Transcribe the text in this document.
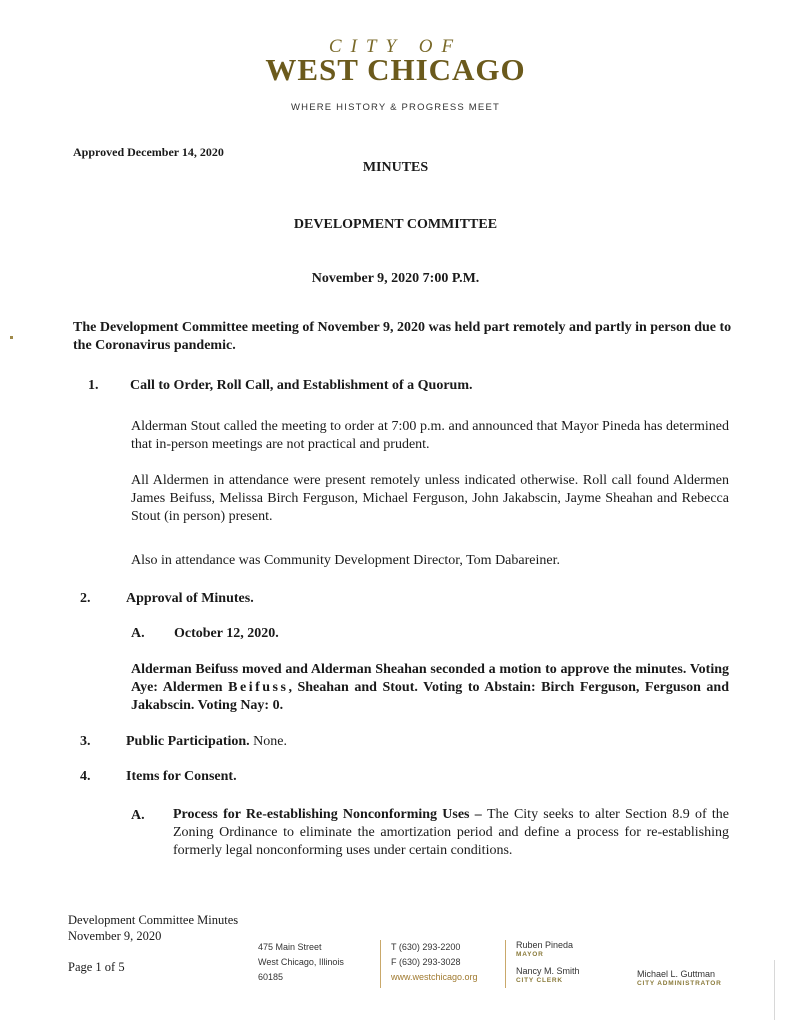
CITY OF
WEST CHICAGO
WHERE HISTORY & PROGRESS MEET
Approved December 14, 2020
MINUTES
DEVELOPMENT COMMITTEE
November 9, 2020 7:00 P.M.
The Development Committee meeting of November 9, 2020 was held part remotely and partly in person due to the Coronavirus pandemic.
1. Call to Order, Roll Call, and Establishment of a Quorum.
Alderman Stout called the meeting to order at 7:00 p.m. and announced that Mayor Pineda has determined that in-person meetings are not practical and prudent.
All Aldermen in attendance were present remotely unless indicated otherwise. Roll call found Aldermen James Beifuss, Melissa Birch Ferguson, Michael Ferguson, John Jakabscin, Jayme Sheahan and Rebecca Stout (in person) present.
Also in attendance was Community Development Director, Tom Dabareiner.
2.	Approval of Minutes.
A. October 12, 2020.
Alderman Beifuss moved and Alderman Sheahan seconded a motion to approve the minutes. Voting Aye: Aldermen Beifuss, Sheahan and Stout. Voting to Abstain: Birch Ferguson, Ferguson and Jakabscin. Voting Nay: 0.
3.	Public Participation. None.
4.	Items for Consent.
A. Process for Re-establishing Nonconforming Uses – The City seeks to alter Section 8.9 of the Zoning Ordinance to eliminate the amortization period and define a process for re-establishing formerly legal nonconforming uses under certain conditions.
Development Committee Minutes
November 9, 2020
Page 1 of 5
475 Main Street
West Chicago, Illinois
60185
T (630) 293-2200
F (630) 293-3028
www.westchicago.org
Ruben Pineda
MAYOR
Nancy M. Smith
CITY CLERK
Michael L. Guttman
CITY ADMINISTRATOR
